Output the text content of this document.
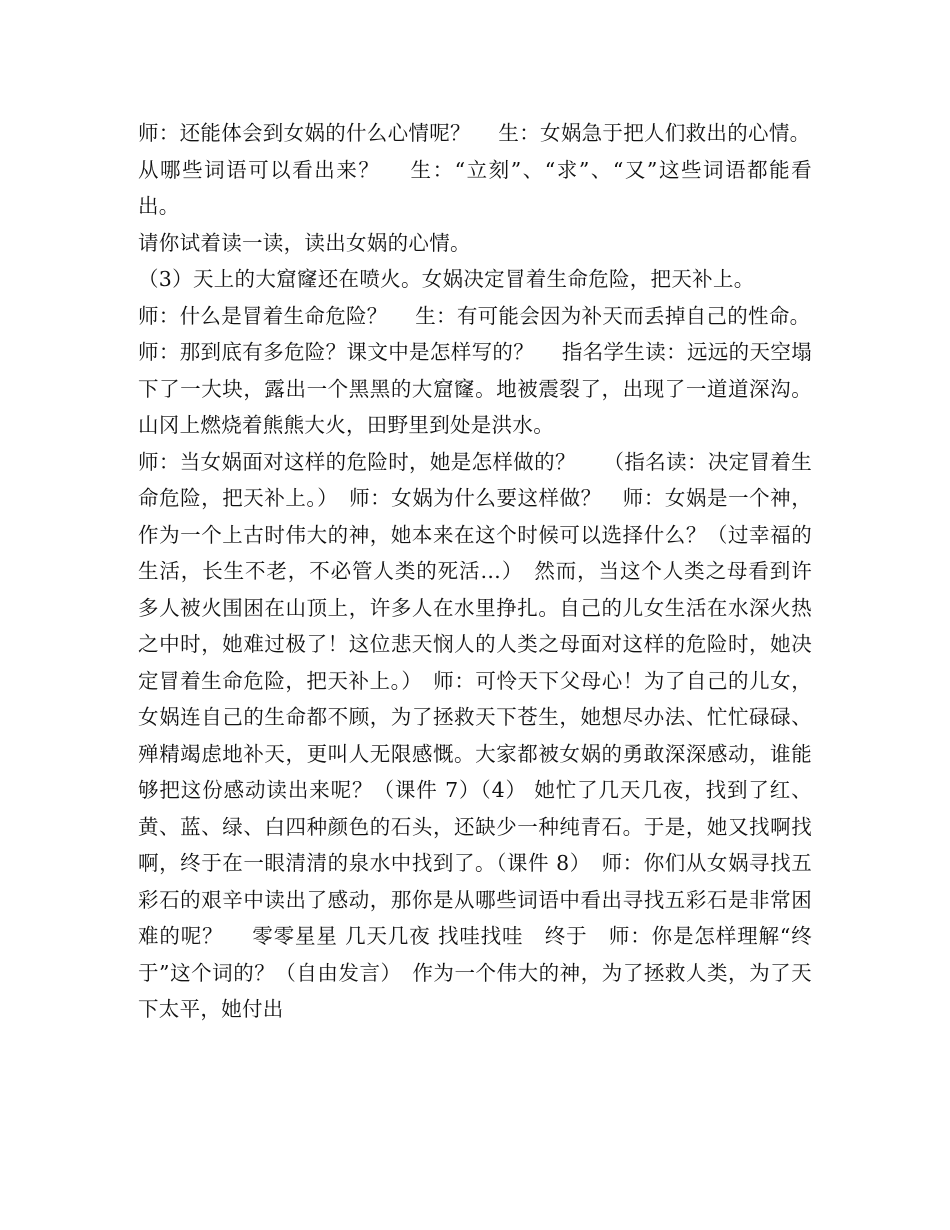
师：还能体会到女娲的什么心情呢？　 生：女娲急于把人们救出的心情。

从哪些词语可以看出来？　 生：“立刻”、“求”、“又”这些词语都能看出。

请你试着读一读，读出女娲的心情。

（3）天上的大窟窿还在喷火。女娲决定冒着生命危险，把天补上。

师：什么是冒着生命危险？　 生：有可能会因为补天而丢掉自己的性命。

师：那到底有多危险？课文中是怎样写的？　 指名学生读：远远的天空塌下了一大块，露出一个黑黑的大窟窿。地被震裂了，出现了一道道深沟。山冈上燃烧着熊熊大火，田野里到处是洪水。

师：当女娲面对这样的危险时，她是怎样做的？　 （指名读：决定冒着生命危险，把天补上。）　师：女娲为什么要这样做？　师：女娲是一个神，作为一个上古时伟大的神，她本来在这个时候可以选择什么？（过幸福的生活，长生不老，不必管人类的死活…）　然而，当这个人类之母看到许多人被火围困在山顶上，许多人在水里挣扎。自己的儿女生活在水深火热之中时，她难过极了！这位悲天悯人的人类之母面对这样的危险时，她决定冒着生命危险，把天补上。）　师：可怜天下父母心！为了自己的儿女，女娲连自己的生命都不顾，为了拯救天下苍生，她想尽办法、忙忙碌碌、殚精竭虑地补天，更叫人无限感慨。大家都被女娲的勇敢深深感动，谁能够把这份感动读出来呢？（课件 7）（4） 她忙了几天几夜，找到了红、黄、蓝、绿、白四种颜色的石头，还缺少一种纯青石。于是，她又找啊找啊，终于在一眼清清的泉水中找到了。（课件 8）　师：你们从女娲寻找五彩石的艰辛中读出了感动，那你是从哪些词语中看出寻找五彩石是非常困难的呢？　 零零星星 几天几夜 找哇找哇　终于　师：你是怎样理解“终于”这个词的？（自由发言）　作为一个伟大的神，为了拯救人类，为了天下太平，她付出
